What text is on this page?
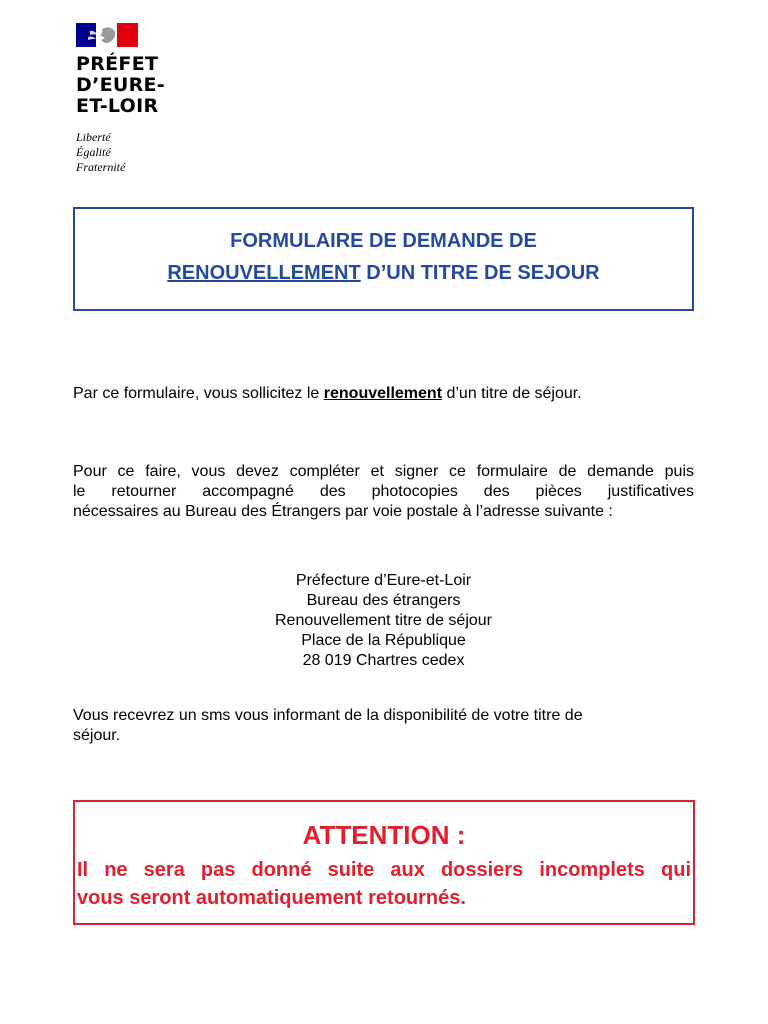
PRÉFET
D’EURE-
ET-LOIR
Liberté
Égalité
Fraternité
FORMULAIRE DE DEMANDE DE
RENOUVELLEMENT D’UN TITRE DE SEJOUR
Par ce formulaire, vous sollicitez le renouvellement d’un titre de séjour.
Pour ce faire, vous devez compléter et signer ce formulaire de demande puis
le retourner accompagné des photocopies des pièces justificatives
nécessaires au Bureau des Étrangers par voie postale à l’adresse suivante :
Préfecture d’Eure-et-Loir
Bureau des étrangers
Renouvellement titre de séjour
Place de la République
28 019 Chartres cedex
Vous recevrez un sms vous informant de la disponibilité de votre titre de
séjour.
ATTENTION :
Il ne sera pas donné suite aux dossiers incomplets qui
vous seront automatiquement retournés.
